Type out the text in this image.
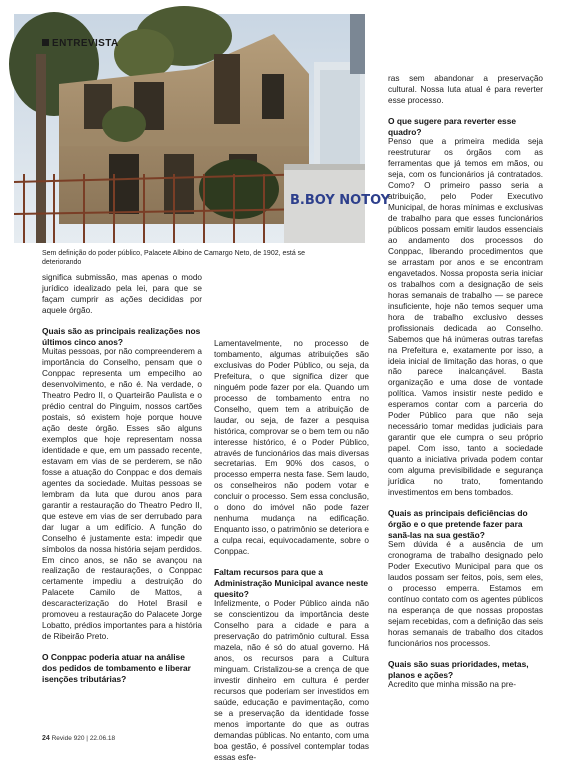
B.BOY NOTOY
ENTREVISTA
Sem definição do poder público, Palacete Albino de Camargo Neto, de 1902, está se deteriorando

significa submissão, mas apenas o modo jurídico idealizado pela lei, para que se façam cumprir as ações decididas por aquele órgão.

Quais são as principais realizações nos últimos cinco anos?

Muitas pessoas, por não compreenderem a importância do Conselho, pensam que o Conppac representa um empecilho ao desenvolvimento, e não é. Na verdade, o Theatro Pedro II, o Quarteirão Paulista e o prédio central do Pinguim, nossos cartões postais, só existem hoje porque houve ação deste órgão. Esses são alguns exemplos que hoje representam nossa identidade e que, em um passado recente, estavam em vias de se perderem, se não fosse a atuação do Conppac e dos demais agentes da sociedade. Muitas pessoas se lembram da luta que durou anos para garantir a restauração do Theatro Pedro II, que esteve em vias de ser derrubado para dar lugar a um edifício. A função do Conselho é justamente esta: impedir que símbolos da nossa história sejam perdidos. Em cinco anos, se não se avançou na realização de restaurações, o Conppac certamente impediu a destruição do Palacete Camilo de Mattos, a descaracterização do Hotel Brasil e promoveu a restauração do Palacete Jorge Lobatto, prédios importantes para a história de Ribeirão Preto.

O Conppac poderia atuar na análise dos pedidos de tombamento e liberar isenções tributárias?

Lamentavelmente, no processo de tombamento, algumas atribuições são exclusivas do Poder Público, ou seja, da Prefeitura, o que significa dizer que ninguém pode fazer por ela. Quando um processo de tombamento entra no Conselho, quem tem a atribuição de laudar, ou seja, de fazer a pesquisa histórica, comprovar se o bem tem ou não interesse histórico, é o Poder Público, através de funcionários das mais diversas secretarias. Em 90% dos casos, o processo emperra nesta fase. Sem laudo, os conselheiros não podem votar e concluir o processo. Sem essa conclusão, o dono do imóvel não pode fazer nenhuma mudança na edificação. Enquanto isso, o patrimônio se deteriora e a culpa recai, equivocadamente, sobre o Conppac.

Faltam recursos para que a Administração Municipal avance neste quesito?

Infelizmente, o Poder Público ainda não se conscientizou da importância deste Conselho para a cidade e para a preservação do patrimônio cultural. Essa mazela, não é só do atual governo. Há anos, os recursos para a Cultura minguam. Cristalizou-se a crença de que investir dinheiro em cultura é perder recursos que poderiam ser investidos em saúde, educação e pavimentação, como se a preservação da identidade fosse menos importante do que as outras demandas públicas. No entanto, com uma boa gestão, é possível contemplar todas essas esfe-

ras sem abandonar a preservação cultural. Nossa luta atual é para reverter esse processo.

O que sugere para reverter esse quadro?

Penso que a primeira medida seja reestruturar os órgãos com as ferramentas que já temos em mãos, ou seja, com os funcionários já contratados. Como? O primeiro passo seria a atribuição, pelo Poder Executivo Municipal, de horas mínimas e exclusivas de trabalho para que esses funcionários públicos possam emitir laudos essenciais ao andamento dos processos do Conppac, liberando procedimentos que se arrastam por anos e se encontram engavetados. Nossa proposta seria iniciar os trabalhos com a designação de seis horas semanais de trabalho — se parece insuficiente, hoje não temos sequer uma hora de trabalho exclusivo desses profissionais dedicada ao Conselho. Sabemos que há inúmeras outras tarefas na Prefeitura e, exatamente por isso, a ideia inicial de limitação das horas, o que não parece inalcançável. Basta organização e uma dose de vontade política. Vamos insistir neste pedido e esperamos contar com a parceria do Poder Público para que não seja necessário tomar medidas judiciais para garantir que ele cumpra o seu próprio papel. Com isso, tanto a sociedade quanto a iniciativa privada podem contar com alguma previsibilidade e segurança jurídica no trato, fomentando investimentos em bens tombados.

Quais as principais deficiências do órgão e o que pretende fazer para sanã-las na sua gestão?

Sem dúvida é a ausência de um cronograma de trabalho designado pelo Poder Executivo Municipal para que os laudos possam ser feitos, pois, sem eles, o processo emperra. Estamos em contínuo contato com os agentes públicos na esperança de que nossas propostas sejam recebidas, com a definição das seis horas semanais de trabalho dos citados funcionários nos processos.

Quais são suas prioridades, metas, planos e ações?

Acredito que minha missão na pre-

24 Revide 920 | 22.06.18
